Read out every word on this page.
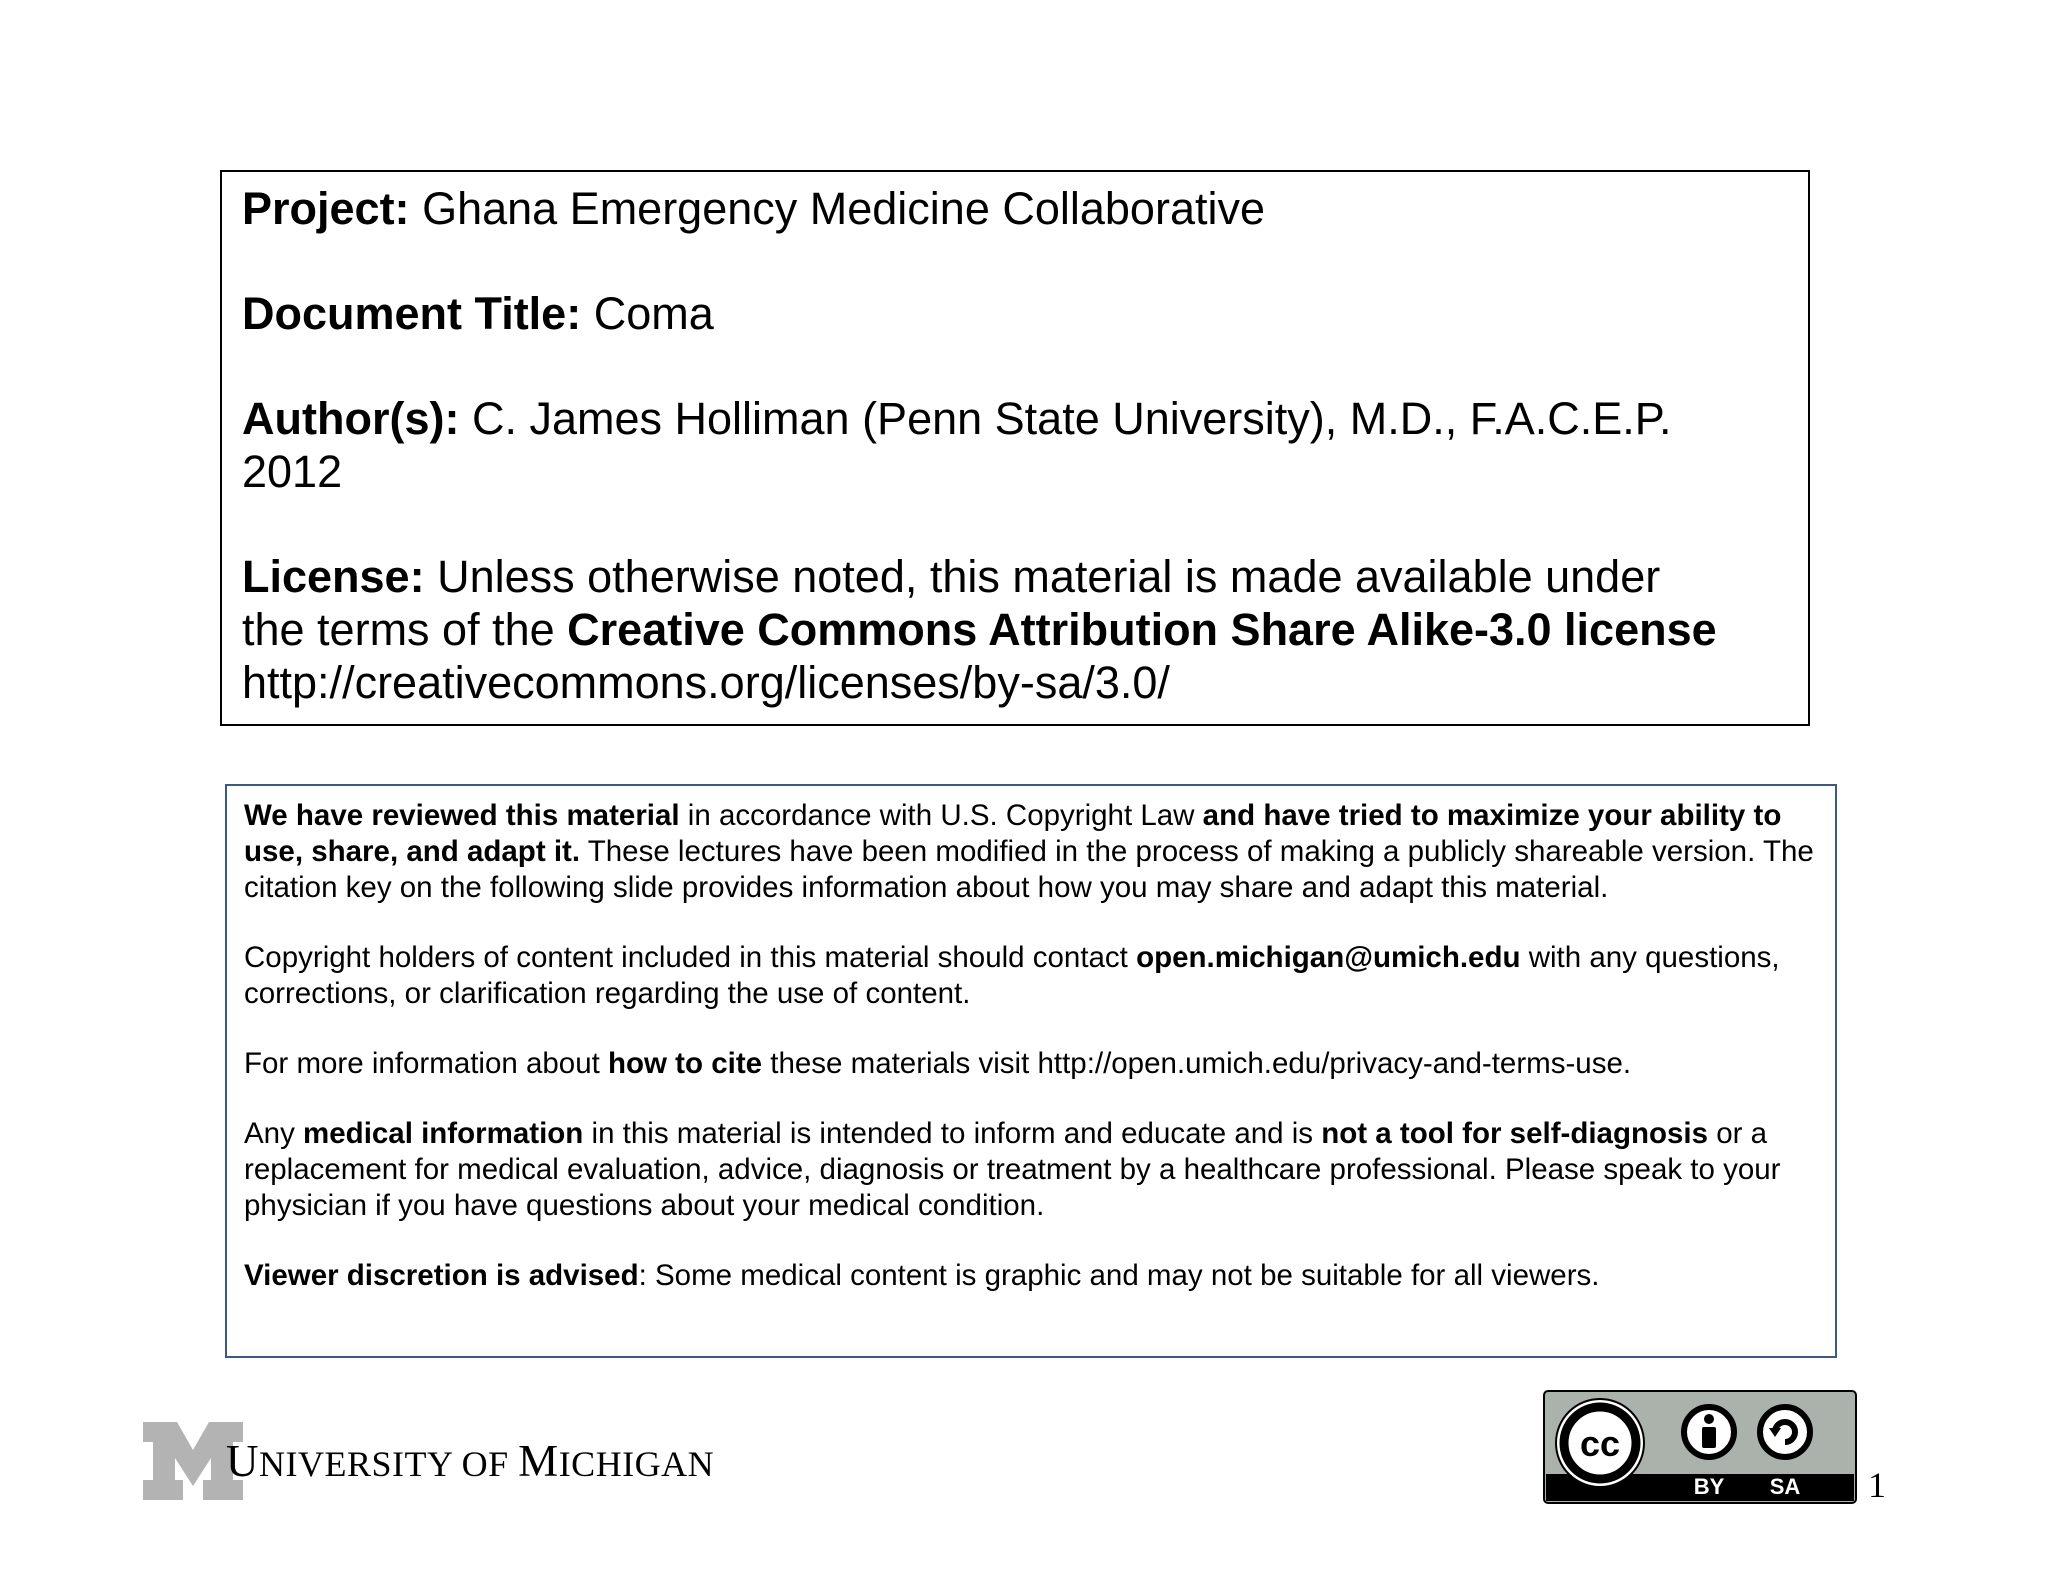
Project: Ghana Emergency Medicine Collaborative

Document Title: Coma

Author(s): C. James Holliman (Penn State University), M.D., F.A.C.E.P.

2012

License: Unless otherwise noted, this material is made available under

the terms of the Creative Commons Attribution Share Alike-3.0 license

http://creativecommons.org/licenses/by-sa/3.0/

We have reviewed this material in accordance with U.S. Copyright Law and have tried to maximize your ability to use, share, and adapt it. These lectures have been modified in the process of making a publicly shareable version. The citation key on the following slide provides information about how you may share and adapt this material.

Copyright holders of content included in this material should contact open.michigan@umich.edu with any questions, corrections, or clarification regarding the use of content.

For more information about how to cite these materials visit http://open.umich.edu/privacy-and-terms-use.

Any medical information in this material is intended to inform and educate and is not a tool for self-diagnosis or a replacement for medical evaluation, advice, diagnosis or treatment by a healthcare professional. Please speak to your physician if you have questions about your medical condition.

Viewer discretion is advised: Some medical content is graphic and may not be suitable for all viewers.

UNIVERSITY OF MICHIGAN	cc
BY SA 1
